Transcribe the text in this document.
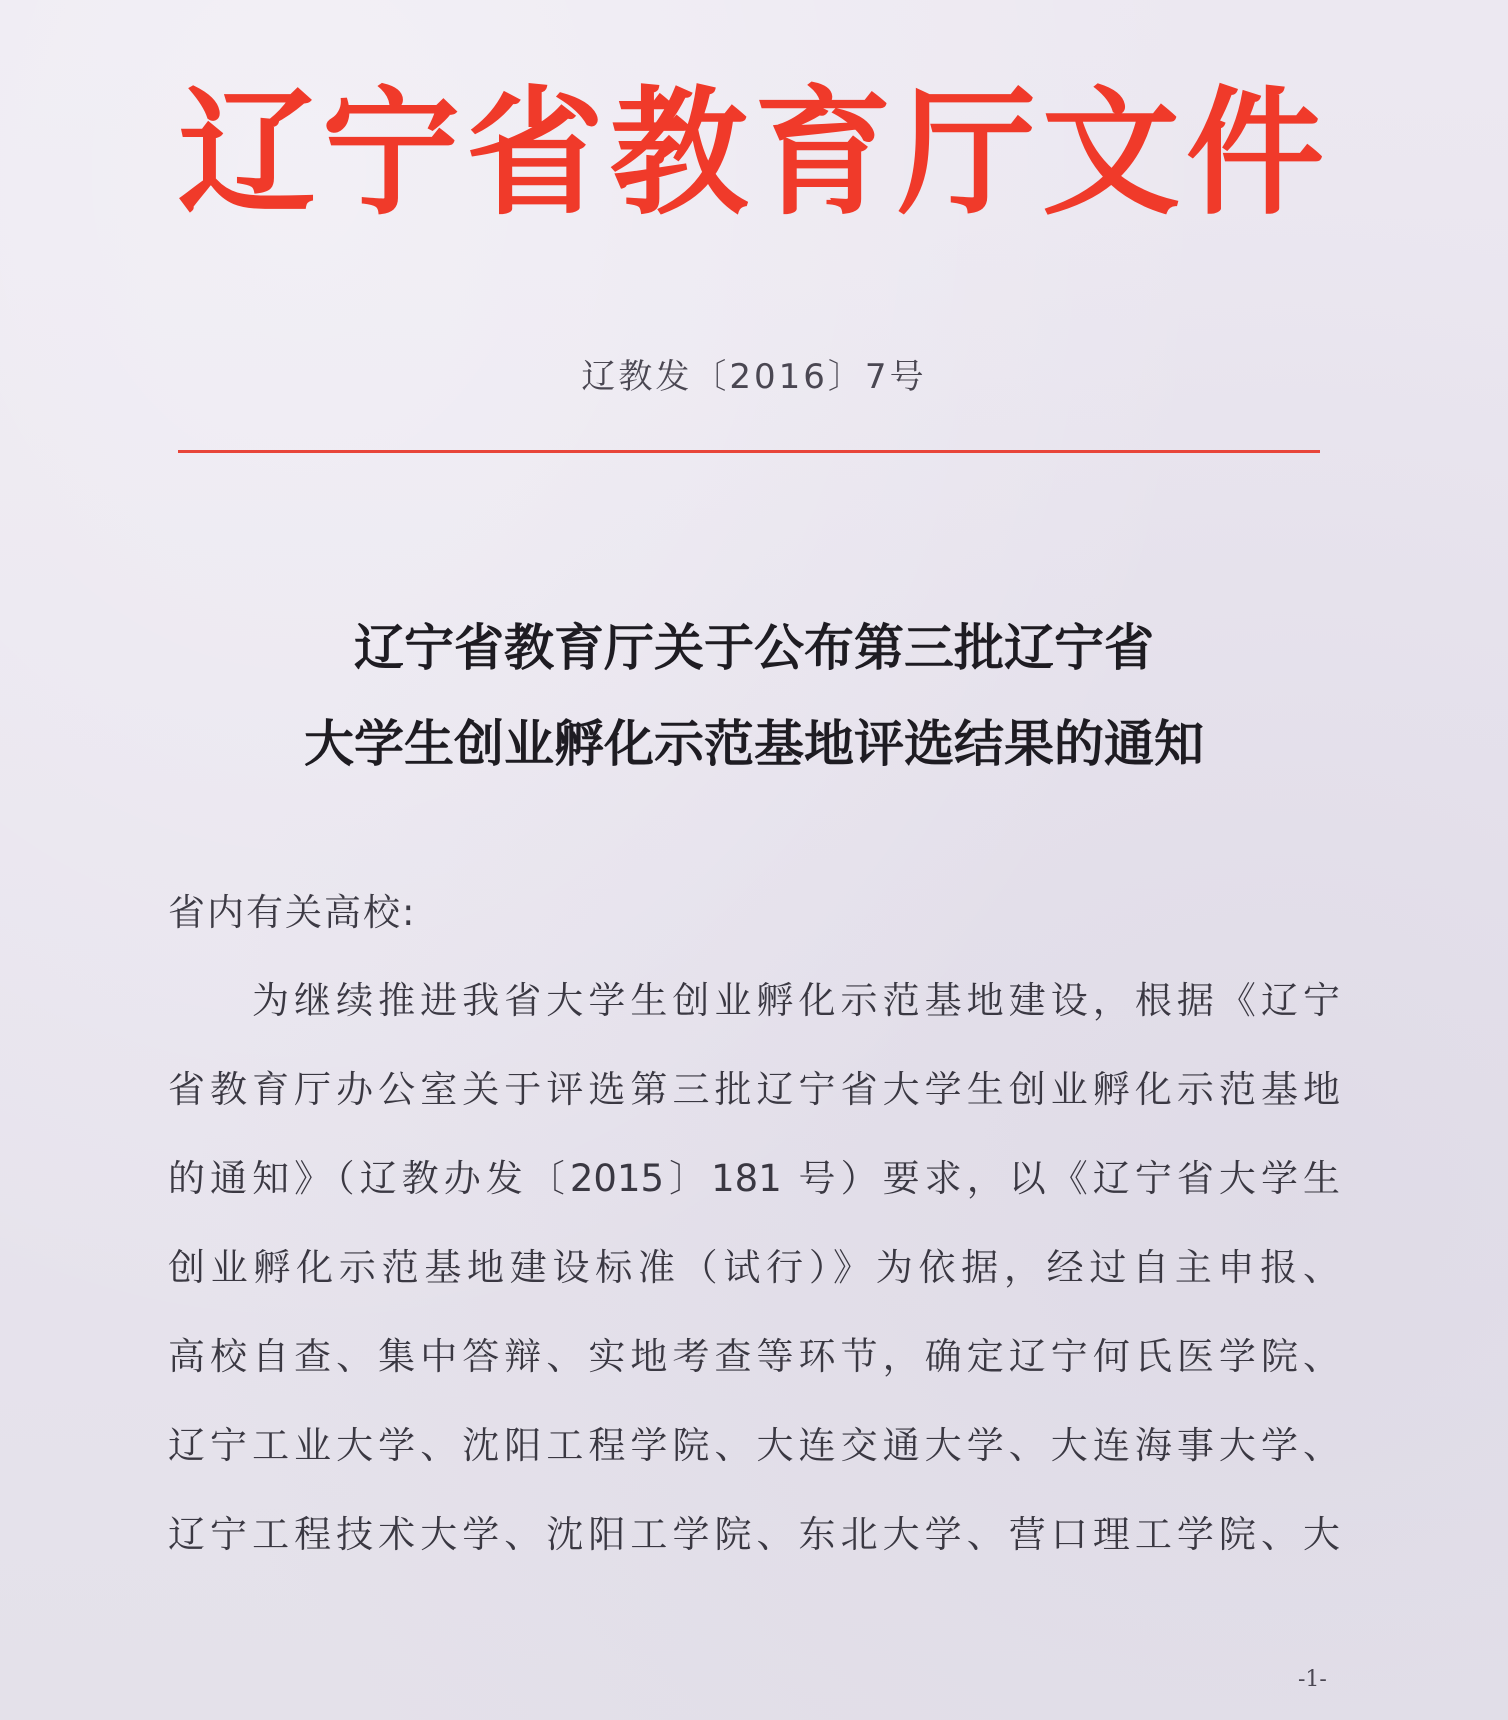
辽宁省教育厅文件
辽教发〔2016〕7号
辽宁省教育厅关于公布第三批辽宁省
大学生创业孵化示范基地评选结果的通知
省内有关高校:
为继续推进我省大学生创业孵化示范基地建设，根据《辽宁
省教育厅办公室关于评选第三批辽宁省大学生创业孵化示范基地
的通知》（辽教办发〔2015〕181 号）要求，以《辽宁省大学生
创业孵化示范基地建设标准（试行）》为依据，经过自主申报、
高校自查、集中答辩、实地考查等环节，确定辽宁何氏医学院、
辽宁工业大学、沈阳工程学院、大连交通大学、大连海事大学、
辽宁工程技术大学、沈阳工学院、东北大学、营口理工学院、大
-1-
